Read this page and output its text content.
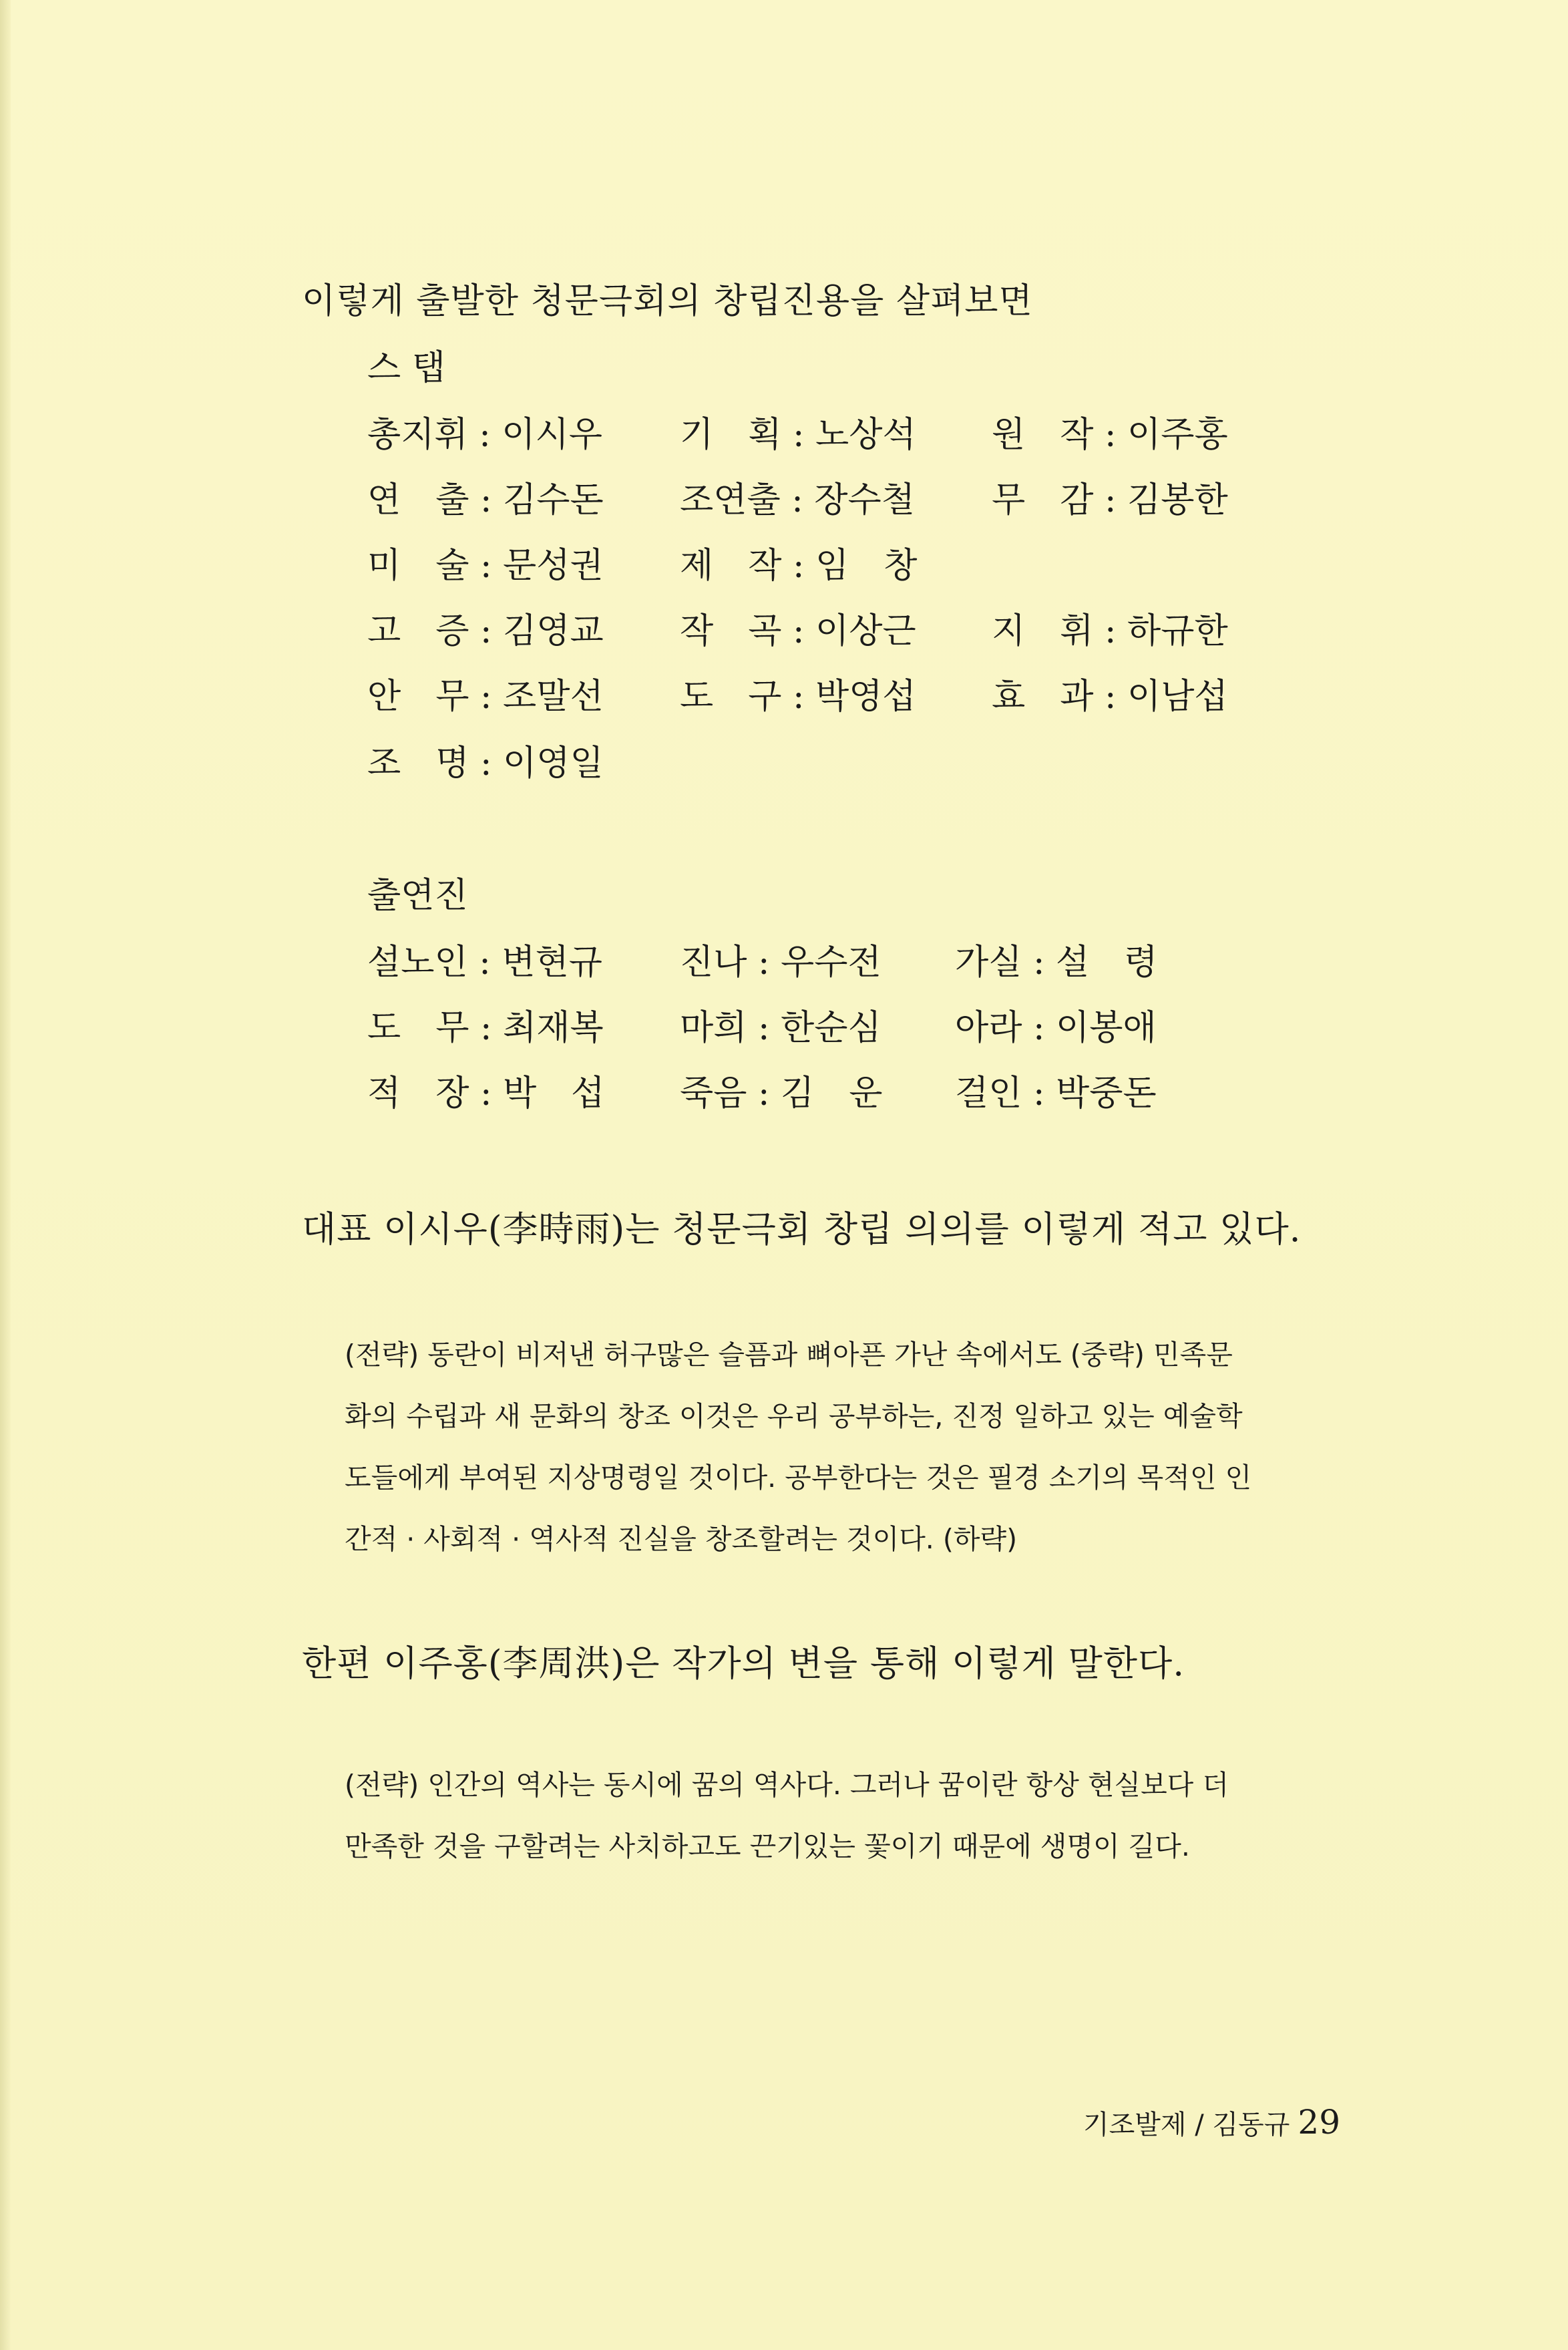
이렇게 출발한 청문극회의 창립진용을 살펴보면
스 탭
총지휘 : 이시우 기　획 : 노상석 원　작 : 이주홍
연　출 : 김수돈 조연출 : 장수철 무　감 : 김봉한
미　술 : 문성권 제　작 : 임　창
고　증 : 김영교 작　곡 : 이상근 지　휘 : 하규한
안　무 : 조말선 도　구 : 박영섭 효　과 : 이남섭
조　명 : 이영일
출연진
설노인 : 변현규 진나 : 우수전 가실 : 설　령
도　무 : 최재복 마희 : 한순심 아라 : 이봉애
적　장 : 박　섭 죽음 : 김　운 걸인 : 박중돈
대표 이시우(李時雨)는 청문극회 창립 의의를 이렇게 적고 있다.
(전략) 동란이 비저낸 허구많은 슬픔과 뼈아픈 가난 속에서도 (중략) 민족문
화의 수립과 새 문화의 창조 이것은 우리 공부하는, 진정 일하고 있는 예술학
도들에게 부여된 지상명령일 것이다. 공부한다는 것은 필경 소기의 목적인 인
간적 · 사회적 · 역사적 진실을 창조할려는 것이다. (하략)
한편 이주홍(李周洪)은 작가의 변을 통해 이렇게 말한다.
(전략) 인간의 역사는 동시에 꿈의 역사다. 그러나 꿈이란 항상 현실보다 더
만족한 것을 구할려는 사치하고도 끈기있는 꽃이기 때문에 생명이 길다.
기조발제 / 김동규 29
